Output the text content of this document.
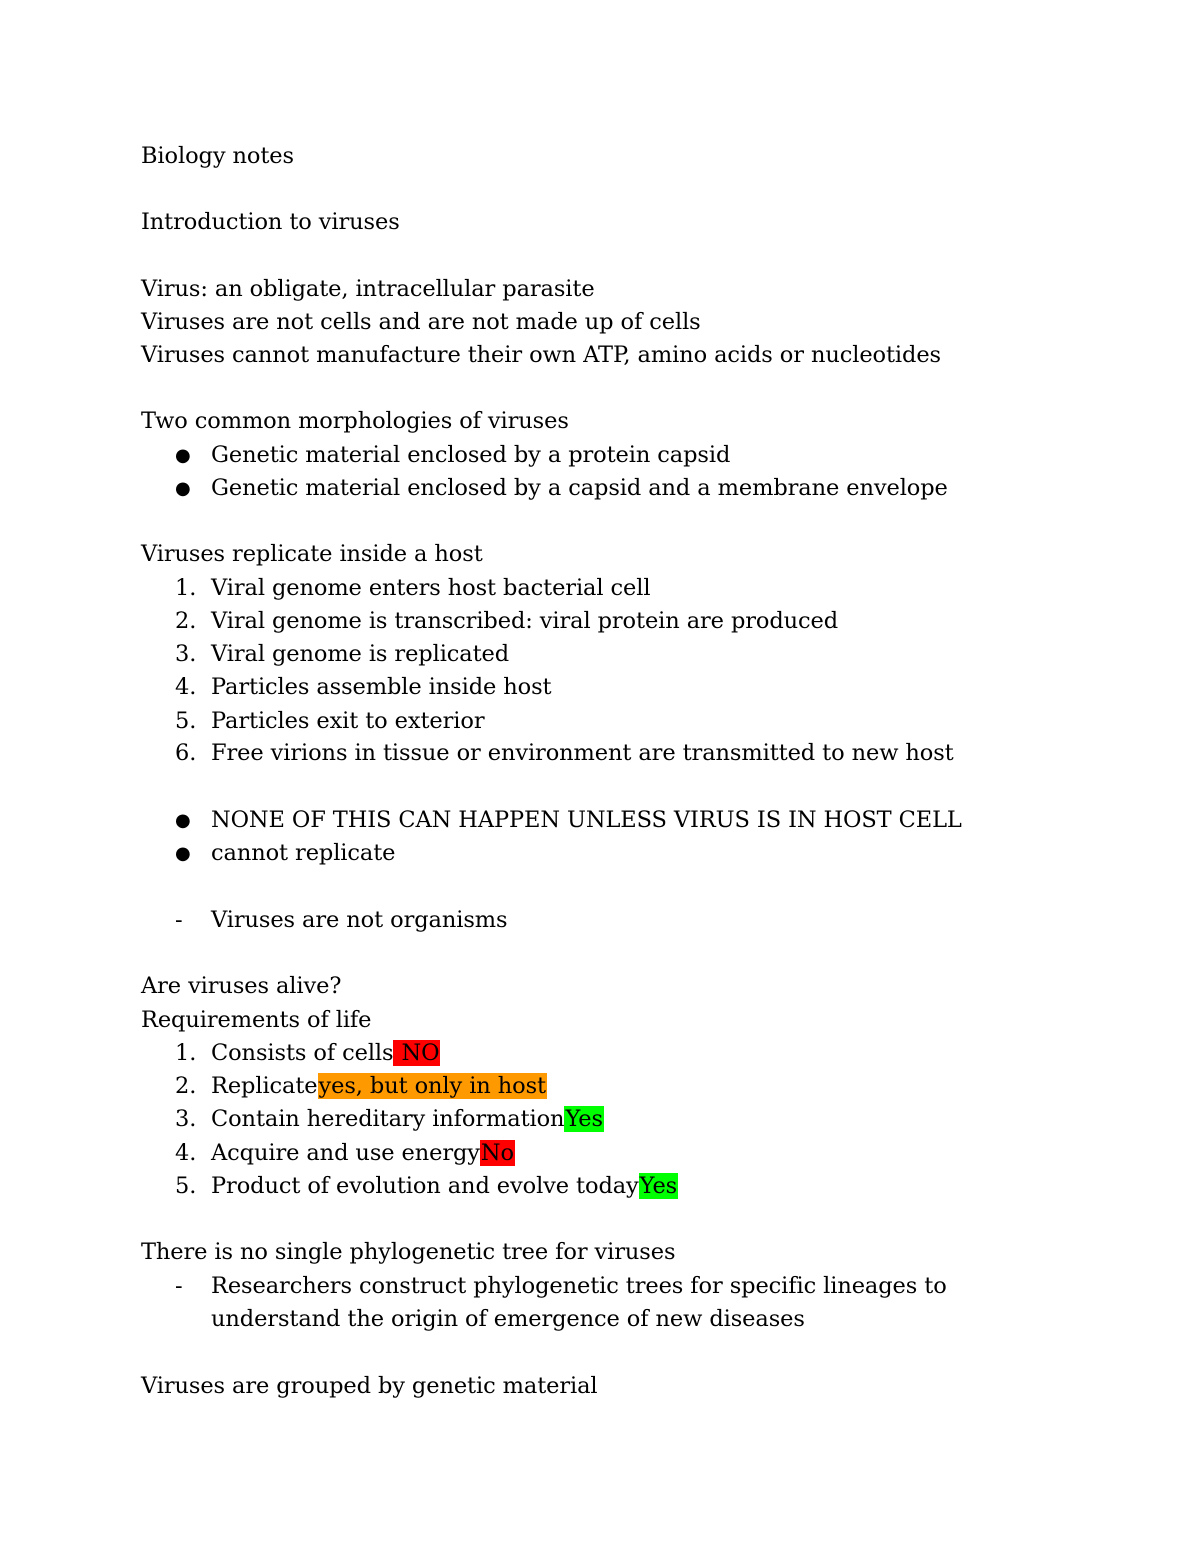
Biology notes
Introduction to viruses
Virus: an obligate, intracellular parasite
Viruses are not cells and are not made up of cells
Viruses cannot manufacture their own ATP, amino acids or nucleotides
Two common morphologies of viruses
● Genetic material enclosed by a protein capsid
● Genetic material enclosed by a capsid and a membrane envelope
Viruses replicate inside a host
1. Viral genome enters host bacterial cell
2. Viral genome is transcribed: viral protein are produced
3. Viral genome is replicated
4. Particles assemble inside host
5. Particles exit to exterior
6. Free virions in tissue or environment are transmitted to new host
● NONE OF THIS CAN HAPPEN UNLESS VIRUS IS IN HOST CELL
● cannot replicate
- Viruses are not organisms
Are viruses alive?
Requirements of life
1. Consists of cells NO
2. Replicateyes, but only in host
3. Contain hereditary informationYes
4. Acquire and use energyNo
5. Product of evolution and evolve todayYes
There is no single phylogenetic tree for viruses
- Researchers construct phylogenetic trees for specific lineages to
understand the origin of emergence of new diseases
Viruses are grouped by genetic material
